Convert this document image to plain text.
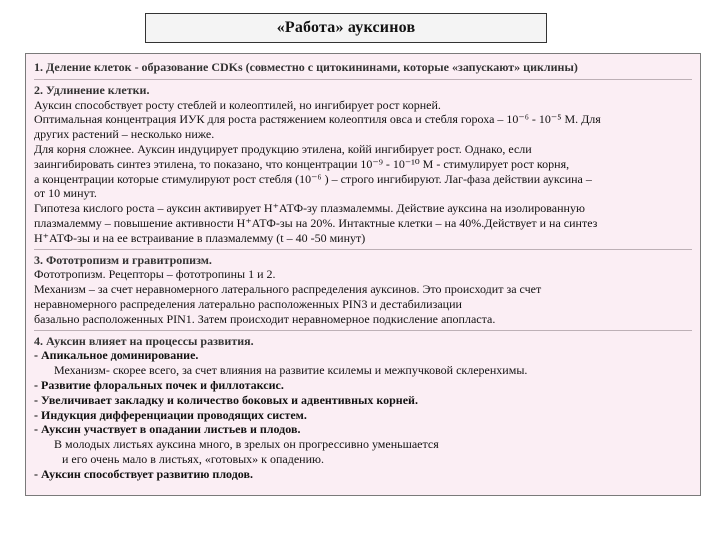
«Работа» ауксинов
1. Деление клеток - образование CDKs (совместно с цитокининами, которые «запускают» циклины)
2. Удлинение клетки.
Ауксин способствует росту стеблей и колеоптилей, но ингибирует рост корней.
Оптимальная концентрация ИУК для роста растяжением колеоптиля овса и стебля гороха – 10⁻⁶ - 10⁻⁵ М. Для
других растений – несколько ниже.
Для корня сложнее. Ауксин индуцирует продукцию этилена, койй ингибирует рост. Однако, если
заингибировать синтез этилена, то показано, что концентрации 10⁻⁹ - 10⁻¹⁰ М - стимулирует рост корня,
а концентрации которые стимулируют рост стебля (10⁻⁶ ) – строго ингибируют. Лаг-фаза действии ауксина –
от 10 минут.
Гипотеза кислого роста – ауксин активирует Н⁺АТФ-зу плазмалеммы. Действие ауксина на изолированную
плазмалемму – повышение активности Н⁺АТФ-зы на 20%. Интактные клетки – на 40%.Действует и на синтез
Н⁺АТФ-зы и на ее встраивание в плазмалемму (t – 40 -50 минут)
3. Фототропизм и гравитропизм.
Фототропизм. Рецепторы – фототропины 1 и 2.
Механизм – за счет неравномерного латерального распределения ауксинов. Это происходит за счет
неравномерного распределения латерально расположенных PIN3 и дестабилизации
базально расположенных PIN1. Затем происходит неравномерное подкисление апопласта.
4. Ауксин влияет на процессы развития.
- Апикальное доминирование.
Механизм- скорее всего, за счет влияния на развитие ксилемы и межпучковой склеренхимы.
- Развитие флоральных почек и филлотаксис.
- Увеличивает закладку и количество боковых и адвентивных корней.
- Индукция дифференциации проводящих систем.
- Ауксин участвует в опадании листьев и плодов.
В молодых листьях ауксина много, в зрелых он прогрессивно уменьшается
и его очень мало в листьях, «готовых» к опадению.
- Ауксин способствует развитию плодов.
